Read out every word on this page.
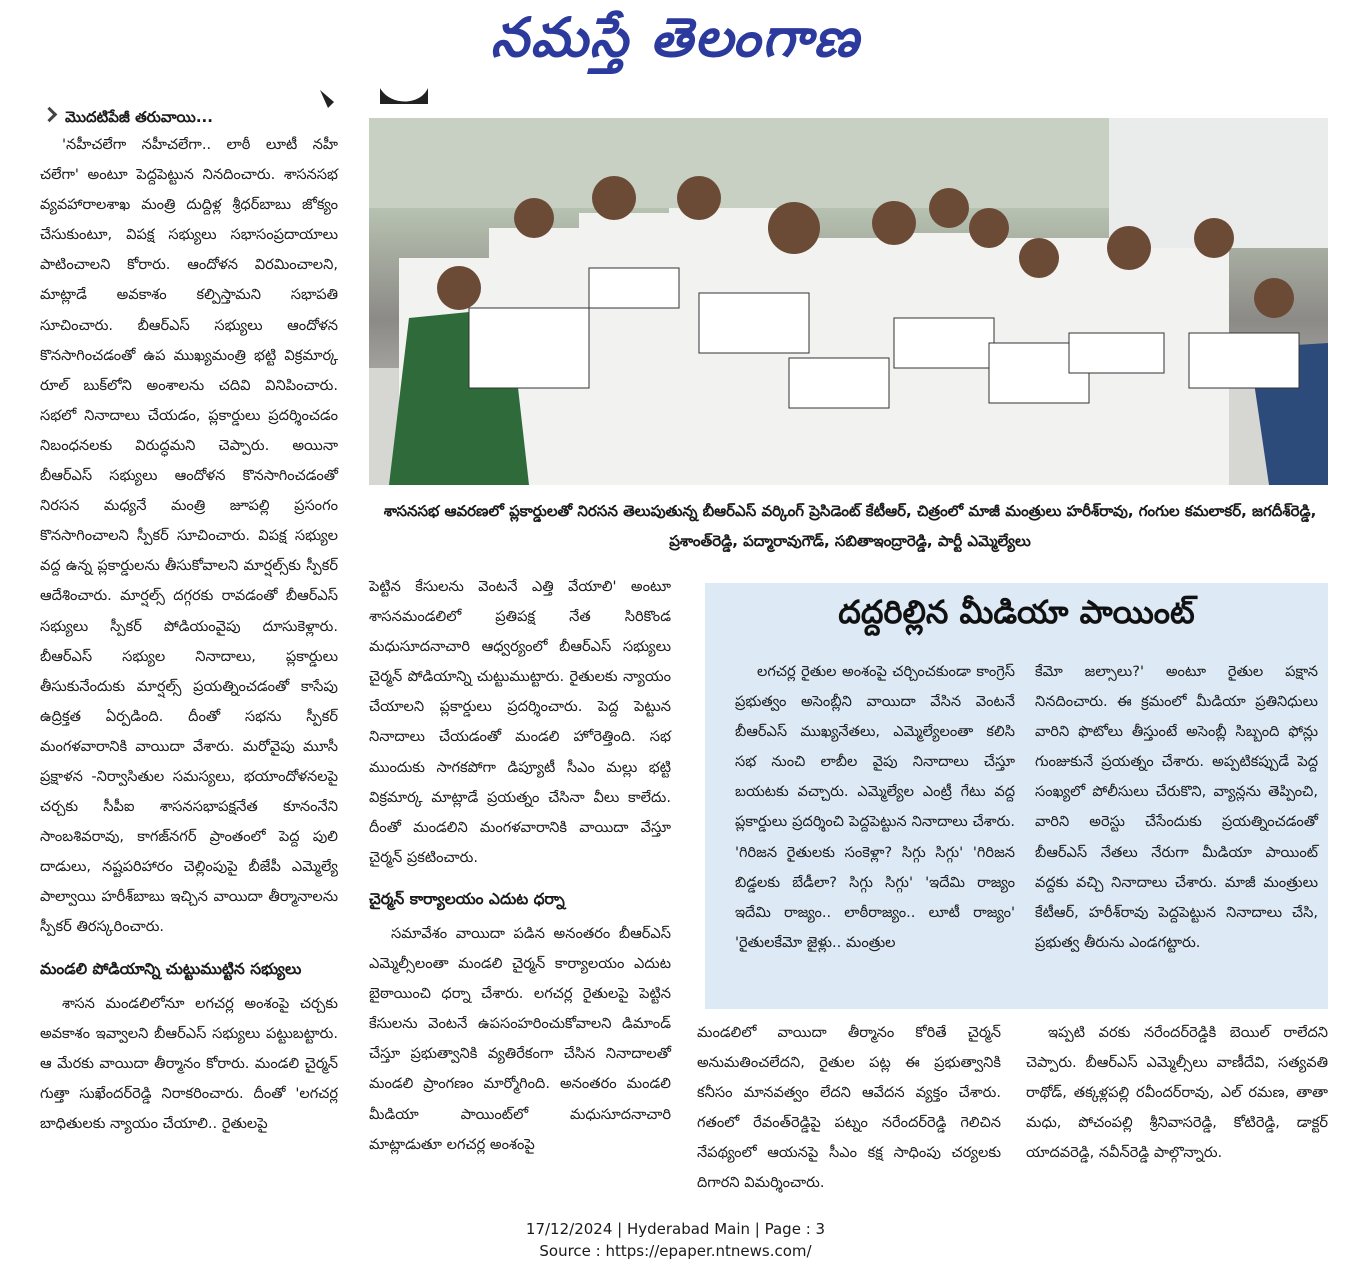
నమస్తే తెలంగాణ
మొదటిపేజీ తరువాయి...

'నహీచలేగా నహీచలేగా.. లాఠీ లూటీ నహీ చలేగా' అంటూ పెద్దపెట్టున నినదించారు. శాసనసభ వ్యవహారాలశాఖ మంత్రి దుద్దిళ్ల శ్రీధర్‌బాబు జోక్యం చేసుకుంటూ, విపక్ష సభ్యులు సభాసంప్రదాయాలు పాటించాలని కోరారు. ఆందోళన విరమించాలని, మాట్లాడే అవకాశం కల్పిస్తామని సభాపతి సూచించారు. బీఆర్‌ఎస్ సభ్యులు ఆందోళన కొనసాగించడంతో ఉప ముఖ్యమంత్రి భట్టి విక్రమార్క రూల్ బుక్‌లోని అంశాలను చదివి వినిపించారు. సభలో నినాదాలు చేయడం, ప్లకార్డులు ప్రదర్శించడం నిబంధనలకు విరుద్ధమని చెప్పారు. అయినా బీఆర్‌ఎస్ సభ్యులు ఆందోళన కొనసాగించడంతో నిరసన మధ్యనే మంత్రి జూపల్లి ప్రసంగం కొనసాగించాలని స్పీకర్ సూచించారు. విపక్ష సభ్యుల వద్ద ఉన్న ప్లకార్డులను తీసుకోవాలని మార్షల్స్‌కు స్పీకర్ ఆదేశించారు. మార్షల్స్ దగ్గరకు రావడంతో బీఆర్‌ఎస్ సభ్యులు స్పీకర్ పోడియంవైపు దూసుకెళ్లారు. బీఆర్‌ఎస్ సభ్యుల నినాదాలు, ప్లకార్డులు తీసుకునేందుకు మార్షల్స్ ప్రయత్నించడంతో కాసేపు ఉద్రిక్తత ఏర్పడింది. దీంతో సభను స్పీకర్ మంగళవారానికి వాయిదా వేశారు. మరోవైపు మూసీ ప్రక్షాళన -నిర్వాసితుల సమస్యలు, భయాందోళనలపై చర్చకు సీపీఐ శాసనసభాపక్షనేత కూనంనేని సాంబశివరావు, కాగజ్‌నగర్ ప్రాంతంలో పెద్ద పులి దాడులు, నష్టపరిహారం చెల్లింపుపై బీజేపీ ఎమ్మెల్యే పాల్వాయి హరీశ్‌బాబు ఇచ్చిన వాయిదా తీర్మానాలను స్పీకర్ తిరస్కరించారు.

మండలి పోడియాన్ని చుట్టుముట్టిన సభ్యులు

శాసన మండలిలోనూ లగచర్ల అంశంపై చర్చకు అవకాశం ఇవ్వాలని బీఆర్‌ఎస్ సభ్యులు పట్టుబట్టారు. ఆ మేరకు వాయిదా తీర్మానం కోరారు. మండలి చైర్మన్ గుత్తా సుఖేందర్‌రెడ్డి నిరాకరించారు. దీంతో 'లగచర్ల బాధితులకు న్యాయం చేయాలి.. రైతులపై

శాసనసభ ఆవరణలో ప్లకార్డులతో నిరసన తెలుపుతున్న బీఆర్‌ఎస్ వర్కింగ్ ప్రెసిడెంట్ కేటీఆర్, చిత్రంలో మాజీ మంత్రులు హరీశ్‌రావు, గంగుల కమలాకర్, జగదీశ్‌రెడ్డి, ప్రశాంత్‌రెడ్డి, పద్మారావుగౌడ్, సబితాఇంద్రారెడ్డి, పార్టీ ఎమ్మెల్యేలు

పెట్టిన కేసులను వెంటనే ఎత్తి వేయాలి' అంటూ శాసనమండలిలో ప్రతిపక్ష నేత సిరికొండ మధుసూదనాచారి ఆధ్వర్యంలో బీఆర్‌ఎస్ సభ్యులు చైర్మన్ పోడియాన్ని చుట్టుముట్టారు. రైతులకు న్యాయం చేయాలని ప్లకార్డులు ప్రదర్శించారు. పెద్ద పెట్టున నినాదాలు చేయడంతో మండలి హోరెత్తింది. సభ ముందుకు సాగకపోగా డిప్యూటీ సీఎం మల్లు భట్టి విక్రమార్క మాట్లాడే ప్రయత్నం చేసినా వీలు కాలేదు. దీంతో మండలిని మంగళవారానికి వాయిదా వేస్తూ చైర్మన్ ప్రకటించారు.

చైర్మన్ కార్యాలయం ఎదుట ధర్నా

సమావేశం వాయిదా పడిన అనంతరం బీఆర్‌ఎస్ ఎమ్మెల్సీలంతా మండలి చైర్మన్ కార్యాలయం ఎదుట బైఠాయించి ధర్నా చేశారు. లగచర్ల రైతులపై పెట్టిన కేసులను వెంటనే ఉపసంహరించుకోవాలని డిమాండ్ చేస్తూ ప్రభుత్వానికి వ్యతిరేకంగా చేసిన నినాదాలతో మండలి ప్రాంగణం మార్మోగింది. అనంతరం మండలి మీడియా పాయింట్‌లో మధుసూదనాచారి మాట్లాడుతూ లగచర్ల అంశంపై

దద్దరిల్లిన మీడియా పాయింట్

లగచర్ల రైతుల అంశంపై చర్చించకుండా కాంగ్రెస్ ప్రభుత్వం అసెంబ్లీని వాయిదా వేసిన వెంటనే బీఆర్‌ఎస్ ముఖ్యనేతలు, ఎమ్మెల్యేలంతా కలిసి సభ నుంచి లాబీల వైపు నినాదాలు చేస్తూ బయటకు వచ్చారు. ఎమ్మెల్యేల ఎంట్రీ గేటు వద్ద ప్లకార్డులు ప్రదర్శించి పెద్దపెట్టున నినాదాలు చేశారు. 'గిరిజన రైతులకు సంకెళ్లా? సిగ్గు సిగ్గు' 'గిరిజన బిడ్డలకు బేడీలా? సిగ్గు సిగ్గు' 'ఇదేమి రాజ్యం ఇదేమి రాజ్యం.. లాఠీరాజ్యం.. లూటీ రాజ్యం' 'రైతులకేమో జైళ్లు.. మంత్రుల

కేమో జల్సాలు?' అంటూ రైతుల పక్షాన నినదించారు. ఈ క్రమంలో మీడియా ప్రతినిధులు వారిని ఫొటోలు తీస్తుంటే అసెంబ్లీ సిబ్బంది ఫోన్లు గుంజుకునే ప్రయత్నం చేశారు. అప్పటికప్పుడే పెద్ద సంఖ్యలో పోలీసులు చేరుకొని, వ్యాన్లను తెప్పించి, వారిని అరెస్టు చేసేందుకు ప్రయత్నించడంతో బీఆర్‌ఎస్ నేతలు నేరుగా మీడియా పాయింట్ వద్దకు వచ్చి నినాదాలు చేశారు. మాజీ మంత్రులు కేటీఆర్, హరీశ్‌రావు పెద్దపెట్టున నినాదాలు చేసి, ప్రభుత్వ తీరును ఎండగట్టారు.

మండలిలో వాయిదా తీర్మానం కోరితే చైర్మన్ అనుమతించలేదని, రైతుల పట్ల ఈ ప్రభుత్వానికి కనీసం మానవత్వం లేదని ఆవేదన వ్యక్తం చేశారు. గతంలో రేవంత్‌రెడ్డిపై పట్నం నరేందర్‌రెడ్డి గెలిచిన నేపథ్యంలో ఆయనపై సీఎం కక్ష సాధింపు చర్యలకు దిగారని విమర్శించారు.

ఇప్పటి వరకు నరేందర్‌రెడ్డికి బెయిల్ రాలేదని చెప్పారు. బీఆర్‌ఎస్ ఎమ్మెల్సీలు వాణీదేవి, సత్యవతి రాథోడ్, తక్కళ్లపల్లి రవీందర్‌రావు, ఎల్ రమణ, తాతా మధు, పోచంపల్లి శ్రీనివాసరెడ్డి, కోటిరెడ్డి, డాక్టర్ యాదవరెడ్డి, నవీన్‌రెడ్డి పాల్గొన్నారు.

17/12/2024 | Hyderabad Main | Page : 3
Source : https://epaper.ntnews.com/
